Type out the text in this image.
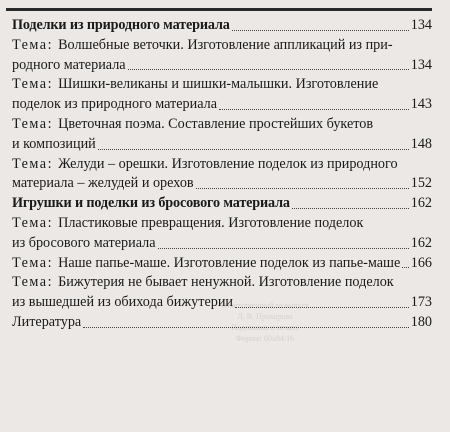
Ответственный за выпуск
Л. В. Прохорова
Подписано в печать
Формат 60х84/16
Поделки из природного материала	134
Тема: Волшебные веточки. Изготовление аппликаций из при-
родного материала	134
Тема: Шишки-великаны и шишки-малышки. Изготовление
поделок из природного материала	143
Тема: Цветочная поэма. Составление простейших букетов
и композиций	148
Тема: Желуди – орешки. Изготовление поделок из природного
материала – желудей и орехов	152
Игрушки и поделки из бросового материала	162
Тема: Пластиковые превращения. Изготовление поделок
из бросового материала	162
Тема: Наше папье-маше. Изготовление поделок из папье-маше 166
Тема: Бижутерия не бывает ненужной. Изготовление поделок
из вышедшей из обихода бижутерии	173
Литература	180
